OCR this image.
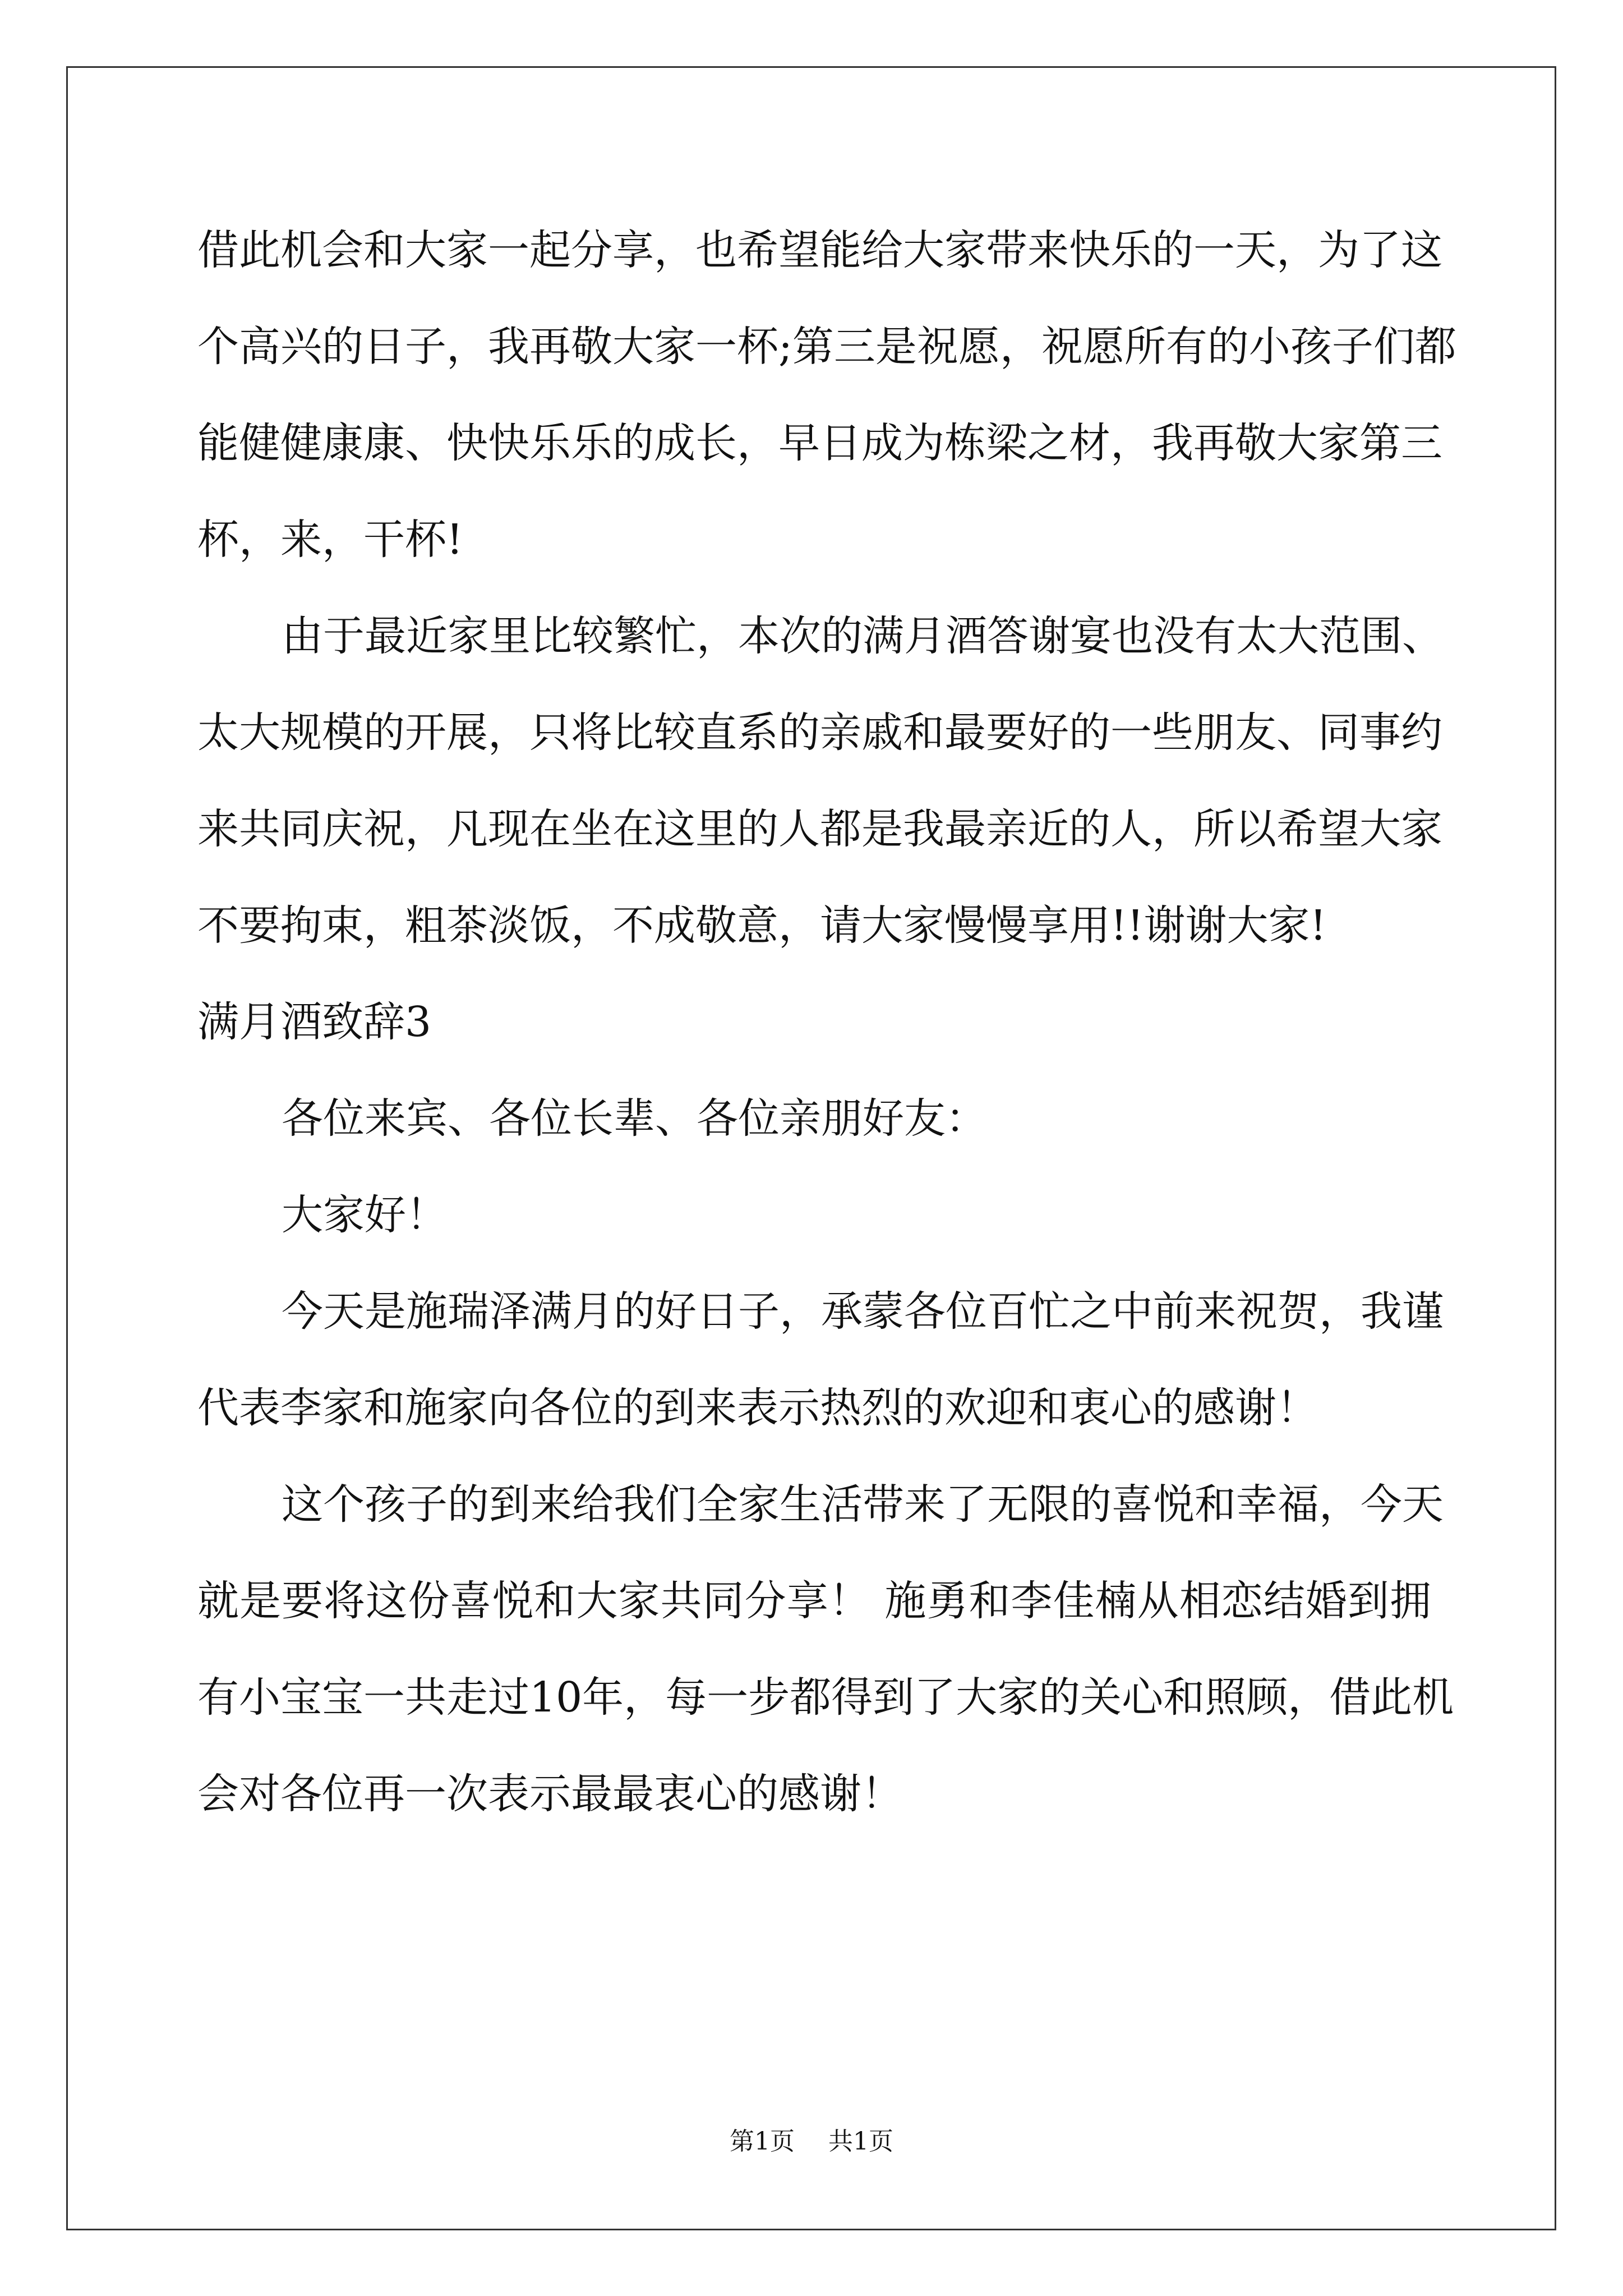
借此机会和大家一起分享，也希望能给大家带来快乐的一天，为了这
个高兴的日子，我再敬大家一杯;第三是祝愿，祝愿所有的小孩子们都
能健健康康、快快乐乐的成长，早日成为栋梁之材，我再敬大家第三
杯，来，干杯!
由于最近家里比较繁忙，本次的满月酒答谢宴也没有太大范围、
太大规模的开展，只将比较直系的亲戚和最要好的一些朋友、同事约
来共同庆祝，凡现在坐在这里的人都是我最亲近的人，所以希望大家
不要拘束，粗茶淡饭，不成敬意，请大家慢慢享用!!谢谢大家!
满月酒致辞3
各位来宾、各位长辈、各位亲朋好友：
大家好！
今天是施瑞泽满月的好日子，承蒙各位百忙之中前来祝贺，我谨
代表李家和施家向各位的到来表示热烈的欢迎和衷心的感谢！
这个孩子的到来给我们全家生活带来了无限的喜悦和幸福，今天
就是要将这份喜悦和大家共同分享！ 施勇和李佳楠从相恋结婚到拥
有小宝宝一共走过10年，每一步都得到了大家的关心和照顾，借此机
会对各位再一次表示最最衷心的感谢！
第1页 共1页
